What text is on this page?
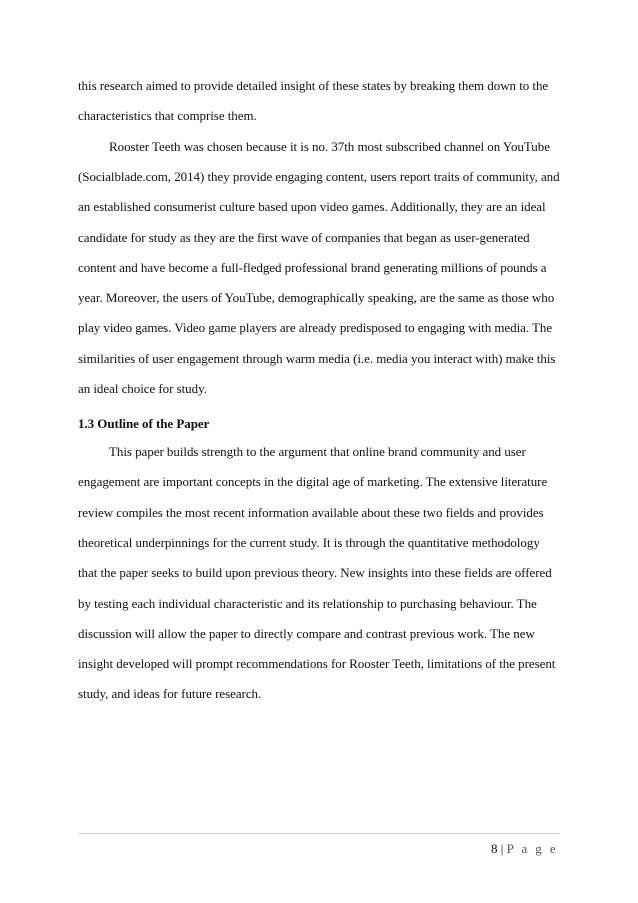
this research aimed to provide detailed insight of these states by breaking them down to the
characteristics that comprise them.
Rooster Teeth was chosen because it is no. 37th most subscribed channel on YouTube
(Socialblade.com, 2014) they provide engaging content, users report traits of community, and
an established consumerist culture based upon video games. Additionally, they are an ideal
candidate for study as they are the first wave of companies that began as user-generated
content and have become a full-fledged professional brand generating millions of pounds a
year. Moreover, the users of YouTube, demographically speaking, are the same as those who
play video games. Video game players are already predisposed to engaging with media. The
similarities of user engagement through warm media (i.e. media you interact with) make this
an ideal choice for study.
1.3 Outline of the Paper
This paper builds strength to the argument that online brand community and user
engagement are important concepts in the digital age of marketing. The extensive literature
review compiles the most recent information available about these two fields and provides
theoretical underpinnings for the current study. It is through the quantitative methodology
that the paper seeks to build upon previous theory. New insights into these fields are offered
by testing each individual characteristic and its relationship to purchasing behaviour. The
discussion will allow the paper to directly compare and contrast previous work. The new
insight developed will prompt recommendations for Rooster Teeth, limitations of the present
study, and ideas for future research.
8 | P a g e
